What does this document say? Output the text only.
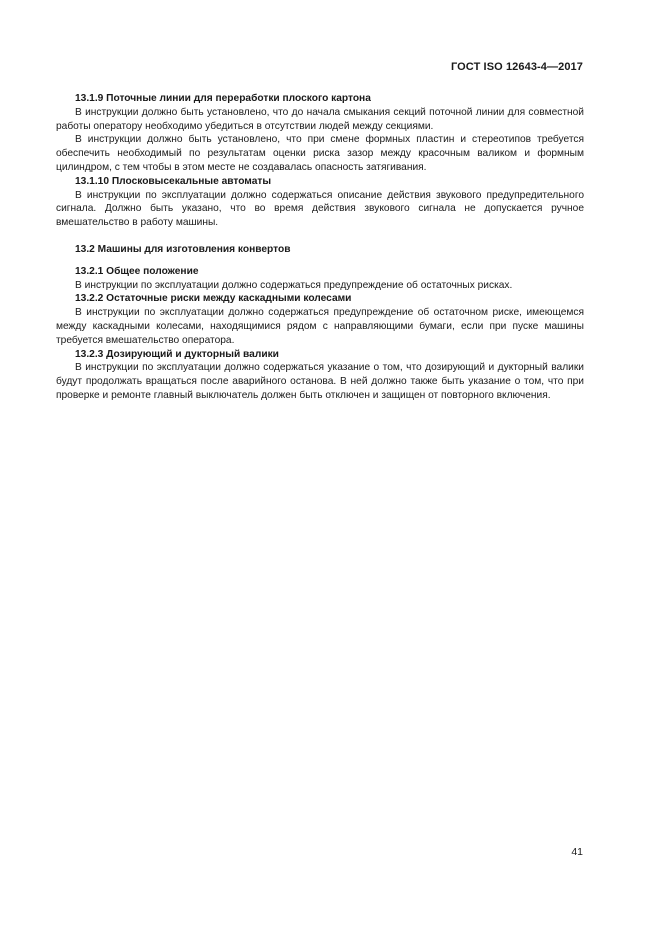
ГОСТ ISO 12643-4—2017
13.1.9 Поточные линии для переработки плоского картона

В инструкции должно быть установлено, что до начала смыкания секций поточной линии для совместной работы оператору необходимо убедиться в отсутствии людей между секциями.

В инструкции должно быть установлено, что при смене формных пластин и стереотипов требуется обеспечить необходимый по результатам оценки риска зазор между красочным валиком и формным цилиндром, с тем чтобы в этом месте не создавалась опасность затягивания.

13.1.10 Плосковысекальные автоматы

В инструкции по эксплуатации должно содержаться описание действия звукового предупредительного сигнала. Должно быть указано, что во время действия звукового сигнала не допускается ручное вмешательство в работу машины.

13.2 Машины для изготовления конвертов
13.2.1 Общее положение

В инструкции по эксплуатации должно содержаться предупреждение об остаточных рисках.

13.2.2 Остаточные риски между каскадными колесами

В инструкции по эксплуатации должно содержаться предупреждение об остаточном риске, имеющемся между каскадными колесами, находящимися рядом с направляющими бумаги, если при пуске машины требуется вмешательство оператора.

13.2.3 Дозирующий и дукторный валики

В инструкции по эксплуатации должно содержаться указание о том, что дозирующий и дукторный валики будут продолжать вращаться после аварийного останова. В ней должно также быть указание о том, что при проверке и ремонте главный выключатель должен быть отключен и защищен от повторного включения.

41
